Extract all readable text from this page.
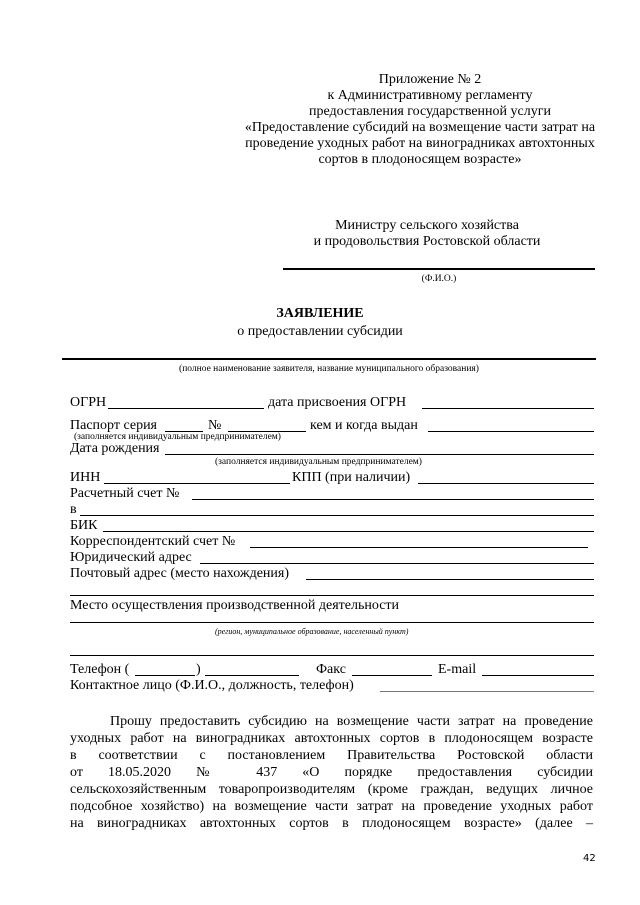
Приложение № 2
к Административному регламенту
предоставления государственной услуги
«Предоставление субсидий на возмещение части затрат на
проведение уходных работ на виноградниках автохтонных
сортов в плодоносящем возрасте»
Министру сельского хозяйства
и продовольствия Ростовской области
(Ф.И.О.)
ЗАЯВЛЕНИЕ
о предоставлении субсидии
(полное наименование заявителя, название муниципального образования)
ОГРН	дата присвоения ОГРН
Паспорт серия	№	кем и когда выдан
(заполняется индивидуальным предпринимателем)
Дата рождения
(заполняется индивидуальным предпринимателем)
ИНН	КПП (при наличии)
Расчетный счет №
в
БИК
Корреспондентский счет №
Юридический адрес
Почтовый адрес (место нахождения)
Место осуществления производственной деятельности
(регион, муниципальное образование, населенный пункт)
Телефон (	)	Факс	E-mail
Контактное лицо (Ф.И.О., должность, телефон)
Прошу предоставить субсидию на возмещение части затрат на проведение
уходных работ на виноградниках автохтонных сортов в плодоносящем возрасте
в соответствии с постановлением Правительства Ростовской области
от 18.05.2020 № 437 «О порядке предоставления субсидии
сельскохозяйственным товаропроизводителям (кроме граждан, ведущих личное
подсобное хозяйство) на возмещение части затрат на проведение уходных работ
на виноградниках автохтонных сортов в плодоносящем возрасте» (далее –
42
